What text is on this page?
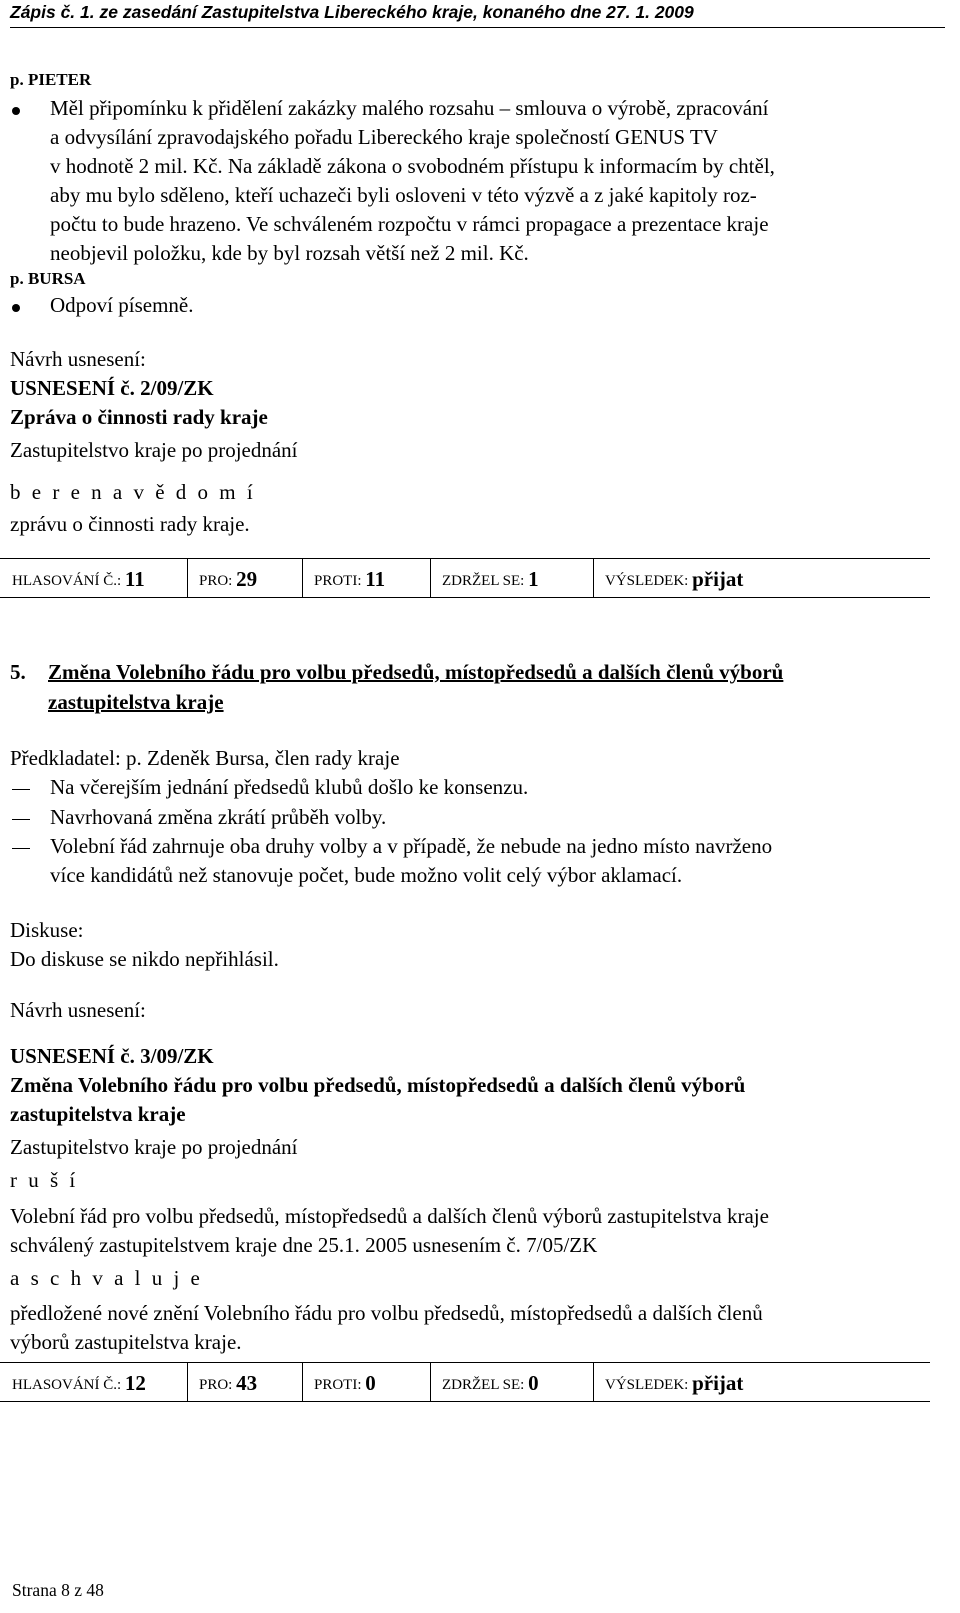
Zápis č. 1. ze zasedání Zastupitelstva Libereckého kraje, konaného dne 27. 1. 2009
p. PIETER
Měl připomínku k přidělení zakázky malého rozsahu – smlouva o výrobě, zpracování
a odvysílání zpravodajského pořadu Libereckého kraje společností GENUS TV
v hodnotě 2 mil. Kč. Na základě zákona o svobodném přístupu k informacím by chtěl,
aby mu bylo sděleno, kteří uchazeči byli osloveni v této výzvě a z jaké kapitoly roz-
počtu to bude hrazeno. Ve schváleném rozpočtu v rámci propagace a prezentace kraje
neobjevil položku, kde by byl rozsah větší než 2 mil. Kč.
p. BURSA
Odpoví písemně.
Návrh usnesení:
USNESENÍ č. 2/09/ZK
Zpráva o činnosti rady kraje
Zastupitelstvo kraje po projednání
b e r e n a v ě d o m í
zprávu o činnosti rady kraje.
HLASOVÁNÍ Č.: 11	PRO: 29	PROTI: 11	ZDRŽEL SE: 1	VÝSLEDEK: přijat
5. Změna Volebního řádu pro volbu předsedů, místopředsedů a dalších členů výborů
zastupitelstva kraje
Předkladatel: p. Zdeněk Bursa, člen rady kraje
Na včerejším jednání předsedů klubů došlo ke konsenzu.
Navrhovaná změna zkrátí průběh volby.
Volební řád zahrnuje oba druhy volby a v případě, že nebude na jedno místo navrženo
více kandidátů než stanovuje počet, bude možno volit celý výbor aklamací.
Diskuse:
Do diskuse se nikdo nepřihlásil.
Návrh usnesení:
USNESENÍ č. 3/09/ZK
Změna Volebního řádu pro volbu předsedů, místopředsedů a dalších členů výborů
zastupitelstva kraje
Zastupitelstvo kraje po projednání
r u š í
Volební řád pro volbu předsedů, místopředsedů a dalších členů výborů zastupitelstva kraje
schválený zastupitelstvem kraje dne 25.1. 2005 usnesením č. 7/05/ZK
a s c h v a l u j e
předložené nové znění Volebního řádu pro volbu předsedů, místopředsedů a dalších členů
výborů zastupitelstva kraje.
HLASOVÁNÍ Č.: 12	PRO: 43	PROTI: 0	ZDRŽEL SE: 0	VÝSLEDEK: přijat
Strana 8 z 48
